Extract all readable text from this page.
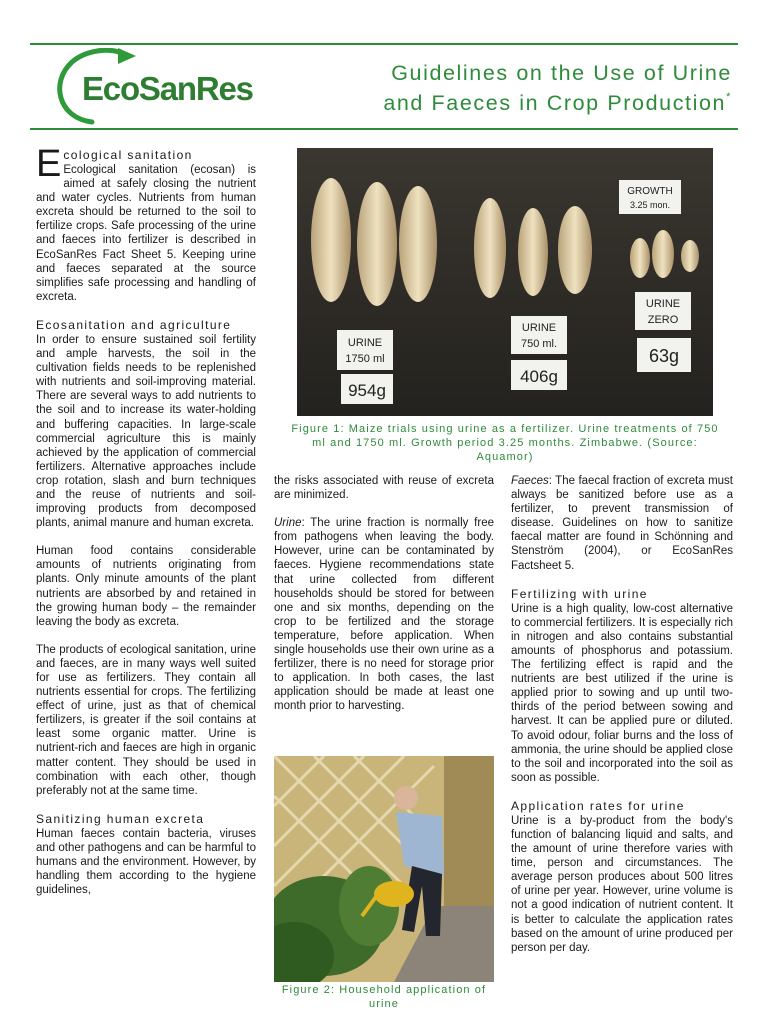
EcoSanRes	Guidelines on the Use of Urine
and Faeces in Crop Production*
E cological sanitation

Ecological sanitation (ecosan) is aimed at safely closing the nutrient and water cycles. Nutrients from human excreta should be returned to the soil to fertilize crops. Safe processing of the urine and faeces into fertilizer is described in EcoSanRes Fact Sheet 5. Keeping urine and faeces separated at the source simplifies safe processing and handling of excreta.

Ecosanitation and agriculture

In order to ensure sustained soil fertility and ample harvests, the soil in the cultivation fields needs to be replenished with nutrients and soil-improving material. There are several ways to add nutrients to the soil and to increase its water-holding and buffering capacities. In large-scale commercial agriculture this is mainly achieved by the application of commercial fertilizers. Alternative approaches include crop rotation, slash and burn techniques and the reuse of nutrients and soil-improving products from decomposed plants, animal manure and human excreta.

Human food contains considerable amounts of nutrients originating from plants. Only minute amounts of the plant nutrients are absorbed by and retained in the growing human body – the remainder leaving the body as excreta.

The products of ecological sanitation, urine and faeces, are in many ways well suited for use as fertilizers. They contain all nutrients essential for crops. The fertilizing effect of urine, just as that of chemical fertilizers, is greater if the soil contains at least some organic matter. Urine is nutrient-rich and faeces are high in organic matter content. They should be used in combination with each other, though preferably not at the same time.

Sanitizing human excreta

Human faeces contain bacteria, viruses and other pathogens and can be harmful to humans and the environment. However, by handling them according to the hygiene guidelines,

GROWTH
3.25 mon.
URINE
1750 ml
954g
URINE
750 ml.
406g
URINE
ZERO
63g
Figure 1: Maize trials using urine as a fertilizer. Urine treatments of 750 ml and 1750 ml. Growth period 3.25 months. Zimbabwe. (Source: Aquamor)

the risks associated with reuse of excreta are minimized.

Urine: The urine fraction is normally free from pathogens when leaving the body. However, urine can be contaminated by faeces. Hygiene recommendations state that urine collected from different households should be stored for between one and six months, depending on the crop to be fertilized and the storage temperature, before application. When single households use their own urine as a fertilizer, there is no need for storage prior to application. In both cases, the last application should be made at least one month prior to harvesting.

Figure 2: Household application of urine

Faeces: The faecal fraction of excreta must always be sanitized before use as a fertilizer, to prevent transmission of disease. Guidelines on how to sanitize faecal matter are found in Schönning and Stenström (2004), or EcoSanRes Factsheet 5.

Fertilizing with urine

Urine is a high quality, low-cost alternative to commercial fertilizers. It is especially rich in nitrogen and also contains substantial amounts of phosphorus and potassium. The fertilizing effect is rapid and the nutrients are best utilized if the urine is applied prior to sowing and up until two-thirds of the period between sowing and harvest. It can be applied pure or diluted. To avoid odour, foliar burns and the loss of ammonia, the urine should be applied close to the soil and incorporated into the soil as soon as possible.

Application rates for urine

Urine is a by-product from the body's function of balancing liquid and salts, and the amount of urine therefore varies with time, person and circumstances. The average person produces about 500 litres of urine per year. However, urine volume is not a good indication of nutrient content. It is better to calculate the application rates based on the amount of urine produced per person per day.
